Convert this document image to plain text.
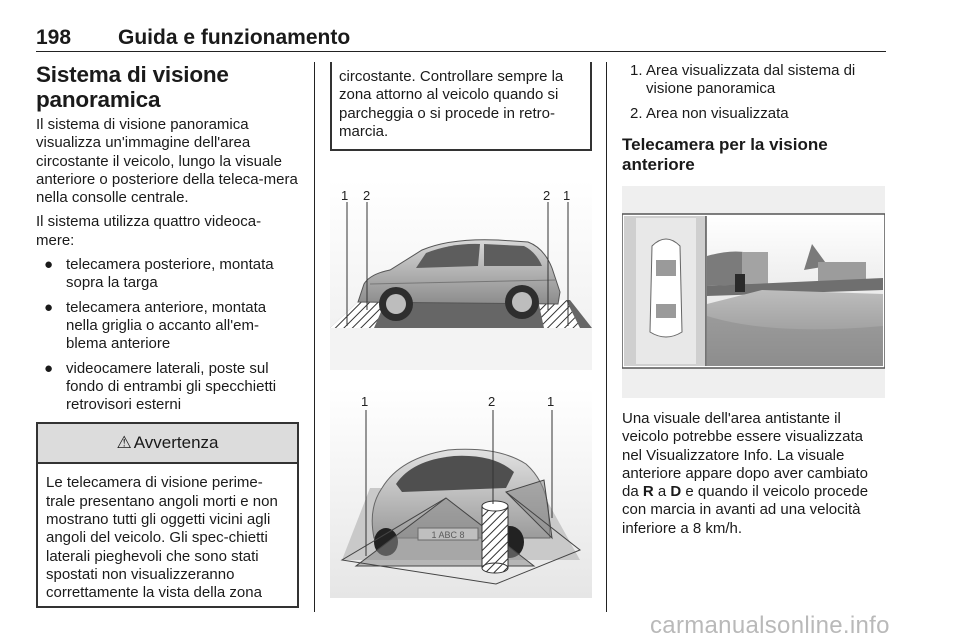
198 Guida e funzionamento
Sistema di visione
panoramica

Il sistema di visione panoramica visualizza un'immagine dell'area circostante il veicolo, lungo la visuale anteriore o posteriore della teleca-mera nella consolle centrale.

Il sistema utilizza quattro videoca-mere:

● telecamera posteriore, montata sopra la targa
● telecamera anteriore, montata nella griglia o accanto all'em-blema anteriore
● videocamere laterali, poste sul fondo di entrambi gli specchietti retrovisori esterni
⚠ Avvertenza
Le telecamera di visione perime-trale presentano angoli morti e non mostrano tutti gli oggetti vicini agli angoli del veicolo. Gli spec-chietti laterali pieghevoli che sono stati spostati non visualizzeranno correttamente la vista della zona
circostante. Controllare sempre la zona attorno al veicolo quando si parcheggia o si procede in retro-marcia.
1 2	2 1
1	2	1
1. Area visualizzata dal sistema di visione panoramica
2. Area non visualizzata
Telecamera per la visione anteriore

Una visuale dell'area antistante il veicolo potrebbe essere visualizzata nel Visualizzatore Info. La visuale anteriore appare dopo aver cambiato da R a D e quando il veicolo procede con marcia in avanti ad una velocità inferiore a 8 km/h.

carmanualsonline.info
